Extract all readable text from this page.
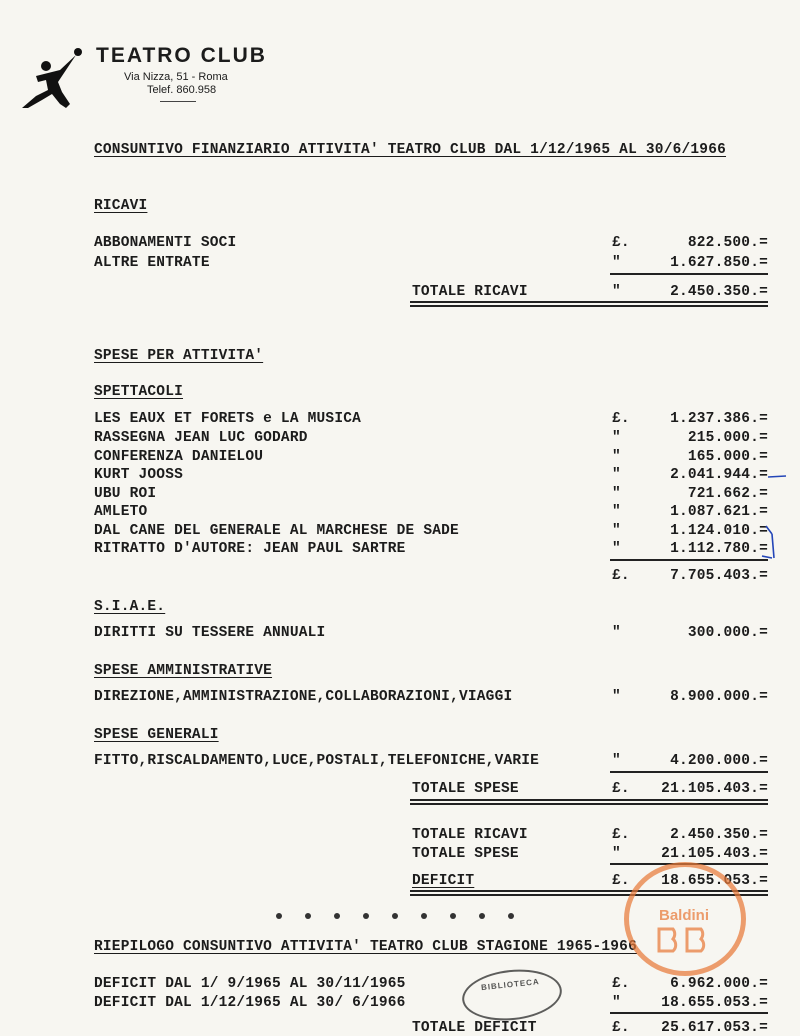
TEATRO CLUB
Via Nizza, 51 - Roma
Telef. 860.958
CONSUNTIVO FINANZIARIO ATTIVITA' TEATRO CLUB DAL 1/12/1965 AL 30/6/1966
RICAVI
ABBONAMENTI SOCI	£.	822.500.=
ALTRE ENTRATE	"	1.627.850.=
TOTALE RICAVI	"	2.450.350.=
SPESE PER ATTIVITA'
SPETTACOLI
LES EAUX ET FORETS e LA MUSICA	£.	1.237.386.=
RASSEGNA JEAN LUC GODARD	"	215.000.=
CONFERENZA DANIELOU	"	165.000.=
KURT JOOSS	"	2.041.944.=
UBU ROI	"	721.662.=
AMLETO	"	1.087.621.=
DAL CANE DEL GENERALE AL MARCHESE DE SADE	"	1.124.010.=
RITRATTO D'AUTORE: JEAN PAUL SARTRE	"	1.112.780.=
£.	7.705.403.=
S.I.A.E.
DIRITTI SU TESSERE ANNUALI	"	300.000.=
SPESE AMMINISTRATIVE
DIREZIONE,AMMINISTRAZIONE,COLLABORAZIONI,VIAGGI	"	8.900.000.=
SPESE GENERALI
FITTO,RISCALDAMENTO,LUCE,POSTALI,TELEFONICHE,VARIE	"	4.200.000.=
TOTALE SPESE	£.	21.105.403.=
TOTALE RICAVI	£.	2.450.350.=
TOTALE SPESE	"	21.105.403.=
DEFICIT	£.	18.655.053.=
RIEPILOGO CONSUNTIVO ATTIVITA' TEATRO CLUB STAGIONE 1965-1966
DEFICIT DAL 1/ 9/1965 AL 30/11/1965	£.	6.962.000.=
DEFICIT DAL 1/12/1965 AL 30/ 6/1966	"	18.655.053.=
TOTALE DEFICIT	£.	25.617.053.=
BIBLIOTECA
Baldini
